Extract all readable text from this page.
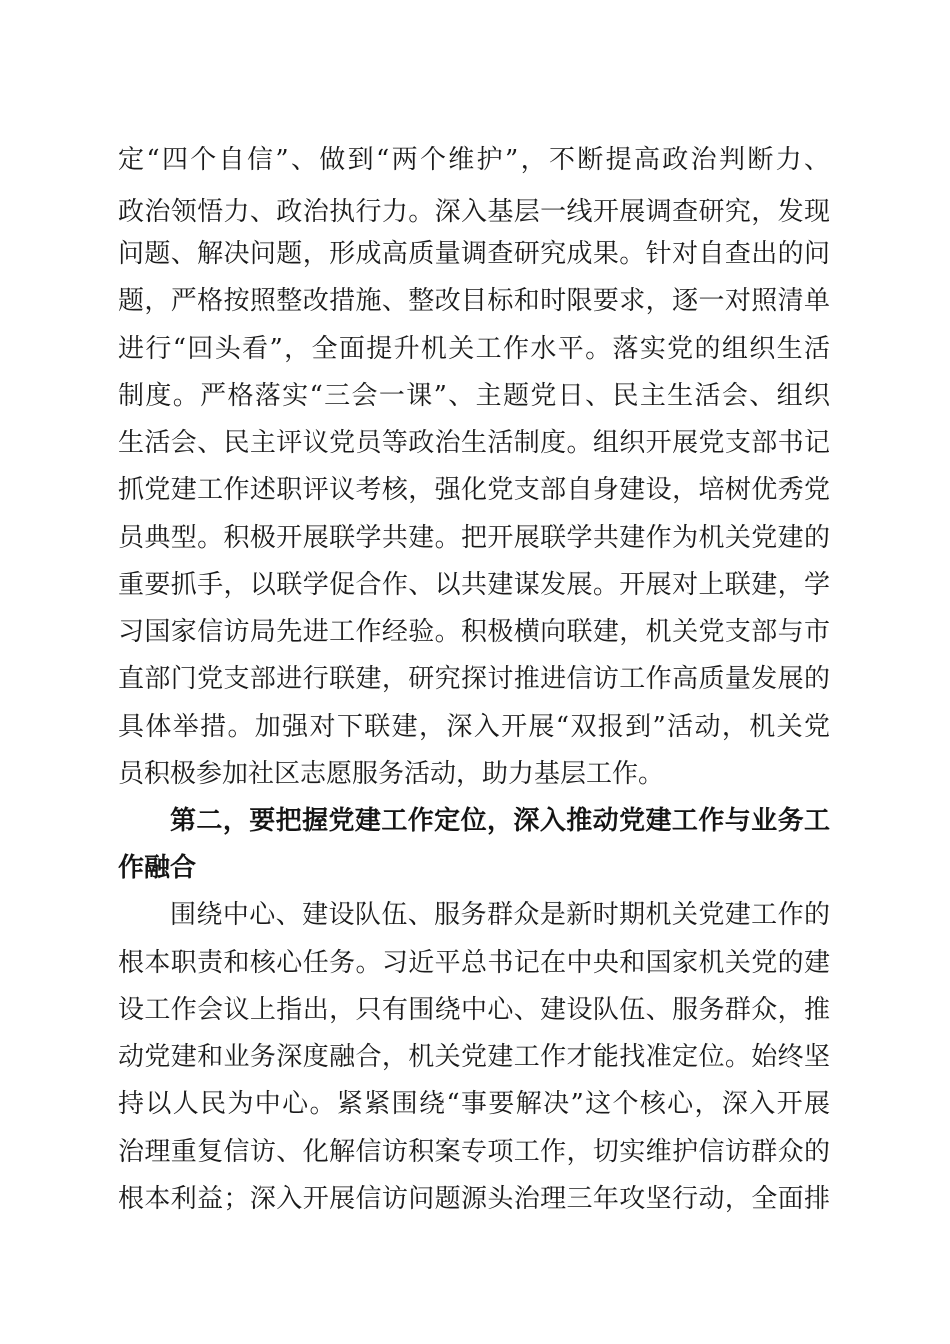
定“四个自信”、做到“两个维护”，不断提高政治判断力、
政治领悟力、政治执行力。深入基层一线开展调查研究，发现
问题、解决问题，形成高质量调查研究成果。针对自查出的问
题，严格按照整改措施、整改目标和时限要求，逐一对照清单
进行“回头看”，全面提升机关工作水平。落实党的组织生活
制度。严格落实“三会一课”、主题党日、民主生活会、组织
生活会、民主评议党员等政治生活制度。组织开展党支部书记
抓党建工作述职评议考核，强化党支部自身建设，培树优秀党
员典型。积极开展联学共建。把开展联学共建作为机关党建的
重要抓手，以联学促合作、以共建谋发展。开展对上联建，学
习国家信访局先进工作经验。积极横向联建，机关党支部与市
直部门党支部进行联建，研究探讨推进信访工作高质量发展的
具体举措。加强对下联建，深入开展“双报到”活动，机关党
员积极参加社区志愿服务活动，助力基层工作。
第二，要把握党建工作定位，深入推动党建工作与业务工
作融合
围绕中心、建设队伍、服务群众是新时期机关党建工作的
根本职责和核心任务。习近平总书记在中央和国家机关党的建
设工作会议上指出，只有围绕中心、建设队伍、服务群众，推
动党建和业务深度融合，机关党建工作才能找准定位。始终坚
持以人民为中心。紧紧围绕“事要解决”这个核心，深入开展
治理重复信访、化解信访积案专项工作，切实维护信访群众的
根本利益；深入开展信访问题源头治理三年攻坚行动，全面排
